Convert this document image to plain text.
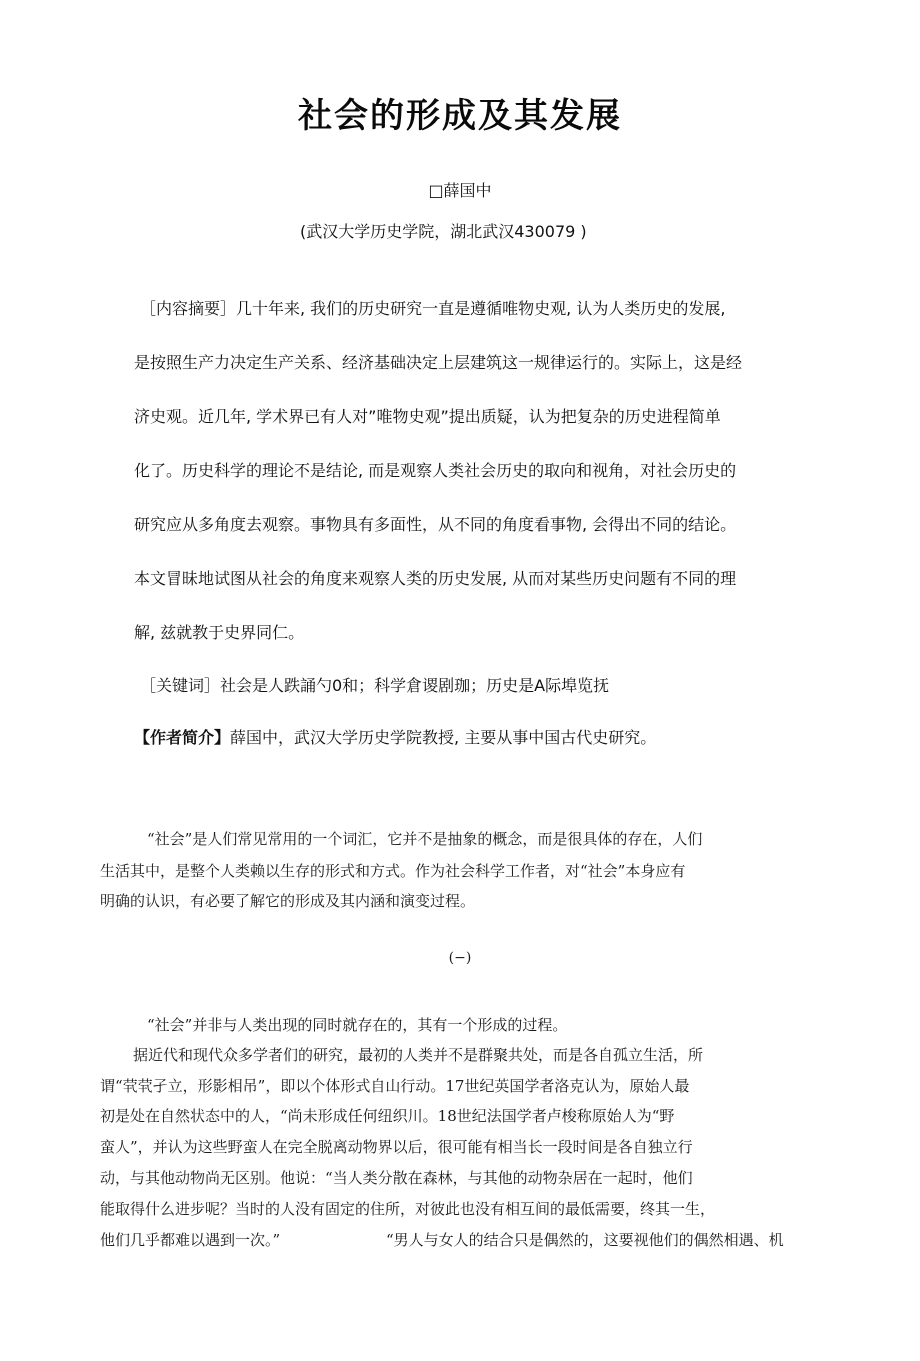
社会的形成及其发展
□薛国中
(武汉大学历史学院，湖北武汉430079 )
［内容摘要］几十年来, 我们的历史研究一直是遵循唯物史观, 认为人类历史的发展,
是按照生产力决定生产关系、经济基础决定上层建筑这一规律运行的。实际上，这是经
济史观。近几年, 学术界已有人对”唯物史观”提出质疑，认为把复杂的历史进程简单
化了。历史科学的理论不是结论, 而是观察人类社会历史的取向和视角，对社会历史的
研究应从多角度去观察。事物具有多面性，从不同的角度看事物, 会得出不同的结论。
本文冒昧地试图从社会的角度来观察人类的历史发展, 从而对某些历史问题有不同的理
解, 兹就教于史界同仁。
［关键词］社会是人跌誦勺0和；科学倉谡剧珈；历史是A际埠览抚
【作者简介】薛国中，武汉大学历史学院教授, 主要从事中国古代史研究。
“社会”是人们常见常用的一个词汇，它并不是抽象的概念，而是很具体的存在，人们
生活其中，是整个人类赖以生存的形式和方式。作为社会科学工作者，对“社会”本身应有
明确的认识，有必要了解它的形成及其内涵和演变过程。
(−)
“社会”并非与人类出现的同时就存在的，其有一个形成的过程。
据近代和现代众多学者们的研究，最初的人类并不是群聚共处，而是各自孤立生活，所
谓“茕茕孑立，形影相吊”，即以个体形式自山行动。17世纪英国学者洛克认为，原始人最
初是处在自然状态中的人，“尚未形成任何纽织川。18世纪法国学者卢梭称原始人为“野
蛮人”，并认为这些野蛮人在完全脱离动物界以后，很可能有相当长一段时间是各自独立行
动，与其他动物尚无区别。他说：“当人类分散在森林，与其他的动物杂居在一起时，他们
能取得什么进步呢？当时的人没有固定的住所，对彼此也没有相互间的最低需要，终其一生，
他们几乎都难以遇到一次。”	“男人与女人的结合只是偶然的，这要视他们的偶然相遇、机
